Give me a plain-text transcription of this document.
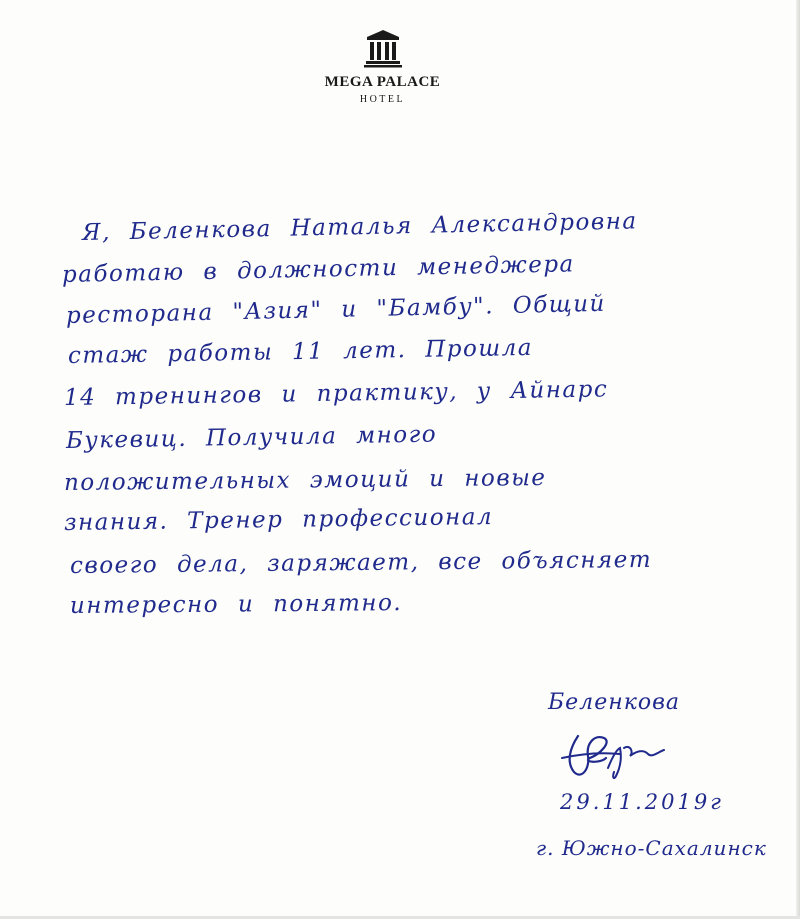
MEGA PALACE
HOTEL
Я, Беленкова Наталья Александровна
работаю в должности менеджера
ресторана "Азия" и "Бамбу". Общий
стаж работы 11 лет. Прошла
14 тренингов и практику, у Айнарс
Букевиц. Получила много
положительных эмоций и новые
знания. Тренер профессионал
своего дела, заряжает, все объясняет
интересно и понятно.
Беленкова
29.11.2019г
г. Южно-Сахалинск
